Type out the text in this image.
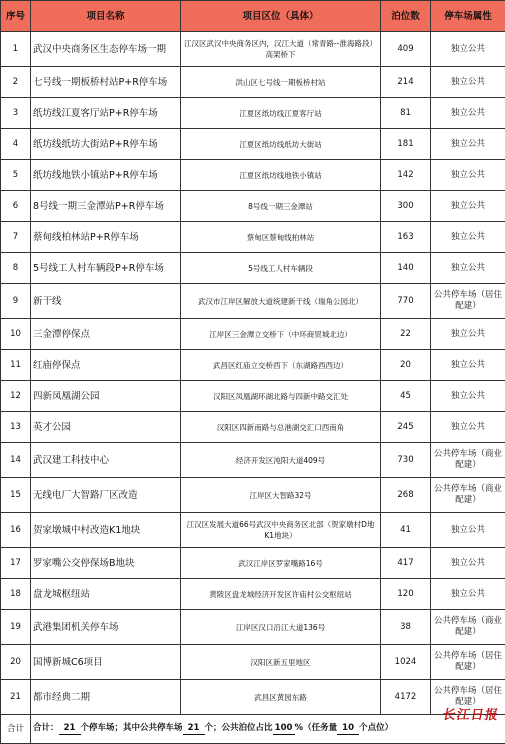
序号	项目名称	项目区位（具体）	泊位数	停车场属性
1	武汉中央商务区生态停车场一期	江汉区武汉中央商务区内，汉江大道（常青路--淮海路段）高架桥下	409	独立公共
2	七号线一期板桥村站P+R停车场	洪山区七号线一期板桥村站	214	独立公共
3	纸坊线江夏客厅站P+R停车场	江夏区纸坊线江夏客厅站	81	独立公共
4	纸坊线纸坊大街站P+R停车场	江夏区纸坊线纸坊大街站	181	独立公共
5	纸坊线地铁小镇站P+R停车场	江夏区纸坊线地铁小镇站	142	独立公共
6	8号线一期三金潭站P+R停车场	8号线一期三金潭站	300	独立公共
7	蔡甸线柏林站P+R停车场	蔡甸区蔡甸线柏林站	163	独立公共
8	5号线工人村车辆段P+R停车场	5号线工人村车辆段	140	独立公共
9	新干线	武汉市江岸区解放大道统建新干线（瑞角公园北）	770	公共停车场（居住配建）
10	三金潭停保点	江岸区三金潭立交桥下（中环商贸城北边）	22	独立公共
11	红庙停保点	武昌区红庙立交桥西下（东湖路西西边）	20	独立公共
12	四新凤凰湖公园	汉阳区凤凰湖环湖北路与四新中路交汇处	45	独立公共
13	英才公园	汉阳区四新南路与总港湖交汇口西南角	245	独立公共
14	武汉建工科技中心	经济开发区沌阳大道409号	730	公共停车场（商业配建）
15	无线电厂大智路厂区改造	江岸区大智路32号	268	公共停车场（商业配建）
16	贺家墩城中村改造K1地块	江汉区发展大道66号武汉中央商务区北部（贺家墩村D地K1地块）	41	独立公共
17	罗家嘴公交停保场B地块	武汉江岸区罗家嘴路16号	417	独立公共
18	盘龙城枢纽站	黄陂区盘龙城经济开发区许庙村公交枢纽站	120	独立公共
19	武港集团机关停车场	江岸区汉口沿江大道136号	38	公共停车场（商业配建）
20	国博新城C6项目	汉阳区新五里地区	1024	公共停车场（居住配建）
21	都市经典二期	武昌区黄园东路	4172	公共停车场（居住配建）
合计	合计： 21 个停车场；其中公共停车场 21 个；公共泊位占比 100 %（任务量 10 个点位）			
长江日报
